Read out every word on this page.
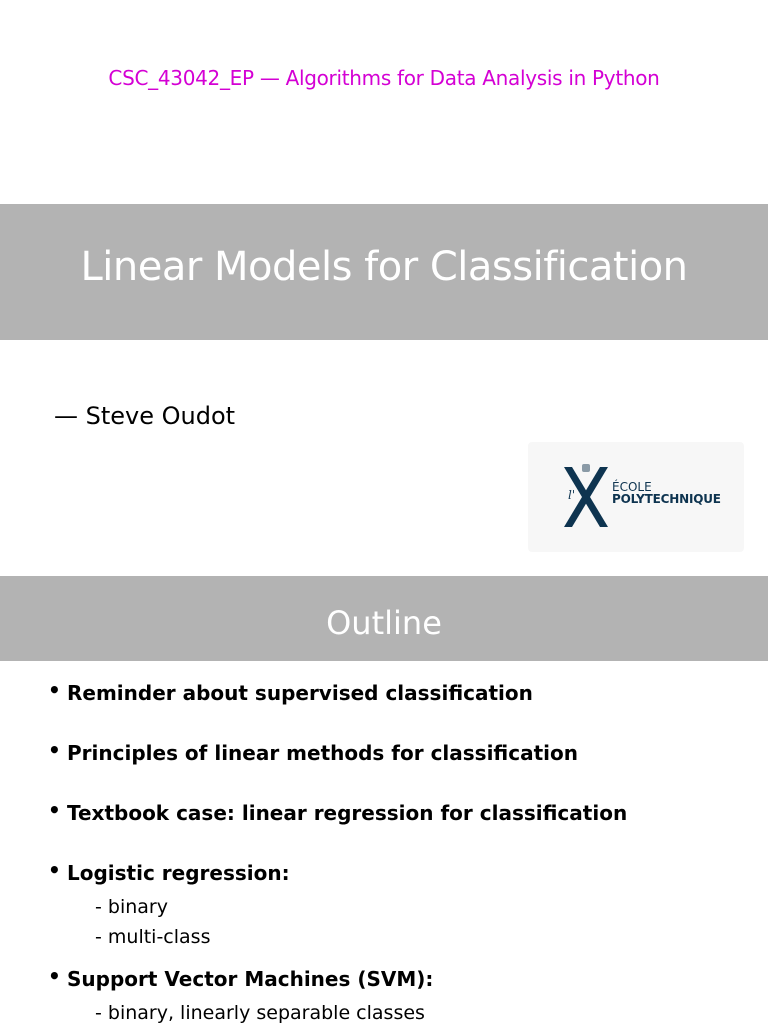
CSC_43042_EP — Algorithms for Data Analysis in Python
Linear Models for Classification
— Steve Oudot
l'
ÉCOLE
POLYTECHNIQUE
Outline
• Reminder about supervised classification
• Principles of linear methods for classification
• Textbook case: linear regression for classification
• Logistic regression:
- binary
- multi-class
• Support Vector Machines (SVM):
- binary, linearly separable classes
